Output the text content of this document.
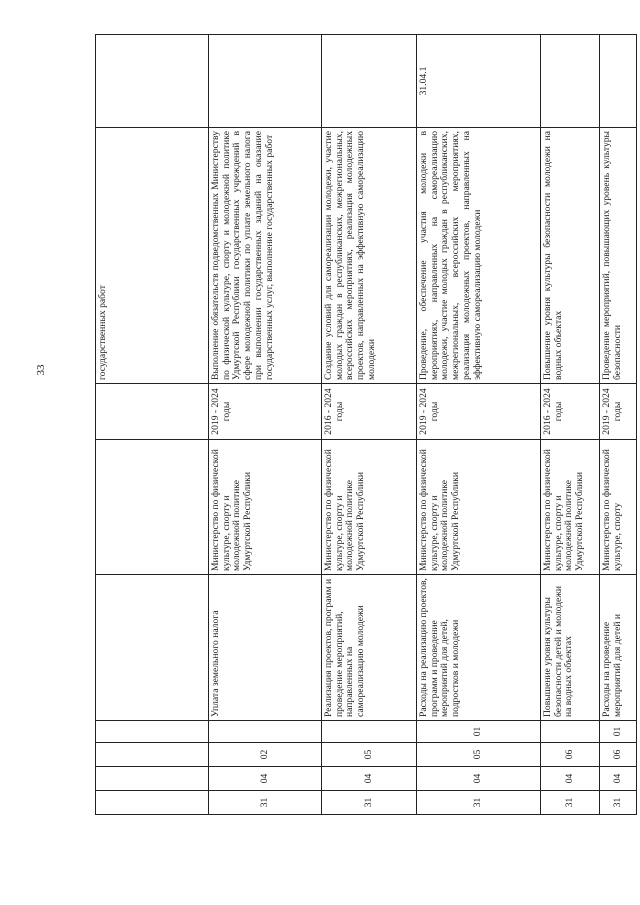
33
								государственных работ	
31	04	02		Уплата земельного налога	Министерство по физической культуре, спорту и молодежной политике Удмуртской Республики	2019 - 2024 годы	Выполнение обязательств подведомственных Министерству по физической культуре, спорту и молодежной политике Удмуртской Республики государственных учреждений в сфере молодежной политики по уплате земельного налога при выполнении государственных заданий на оказание государственных услуг, выполнение государственных работ	
31	04	05		Реализация проектов, программ и проведение мероприятий, направленных на самореализацию молодежи	Министерство по физической культуре, спорту и молодежной политике Удмуртской Республики	2016 - 2024 годы	Создание условий для самореализации молодежи, участие молодых граждан в республиканских, межрегиональных, всероссийских мероприятиях, реализация молодежных проектов, направленных на эффективную самореализацию молодежи	
31	04	05	01	Расходы на реализацию проектов, программ и проведение мероприятий для детей, подростков и молодежи	Министерство по физической культуре, спорту и молодежной политике Удмуртской Республики	2019 - 2024 годы	Проведение, обеспечение участия молодежи в мероприятиях, направленных на самореализацию молодежи, участие молодых граждан в республиканских, межрегиональных, всероссийских мероприятиях, реализация молодежных проектов, направленных на эффективную самореализацию молодежи	31.04.1
31	04	06		Повышение уровня культуры безопасности детей и молодежи на водных объектах	Министерство по физической культуре, спорту и молодежной политике Удмуртской Республики	2016 - 2024 годы	Повышение уровня культуры безопасности молодежи на водных объектах	
31	04	06	01	Расходы на проведение мероприятий для детей и	Министерство по физической культуре, спорту	2019 - 2024 годы	Проведение мероприятий, повышающих уровень культуры безопасности	
